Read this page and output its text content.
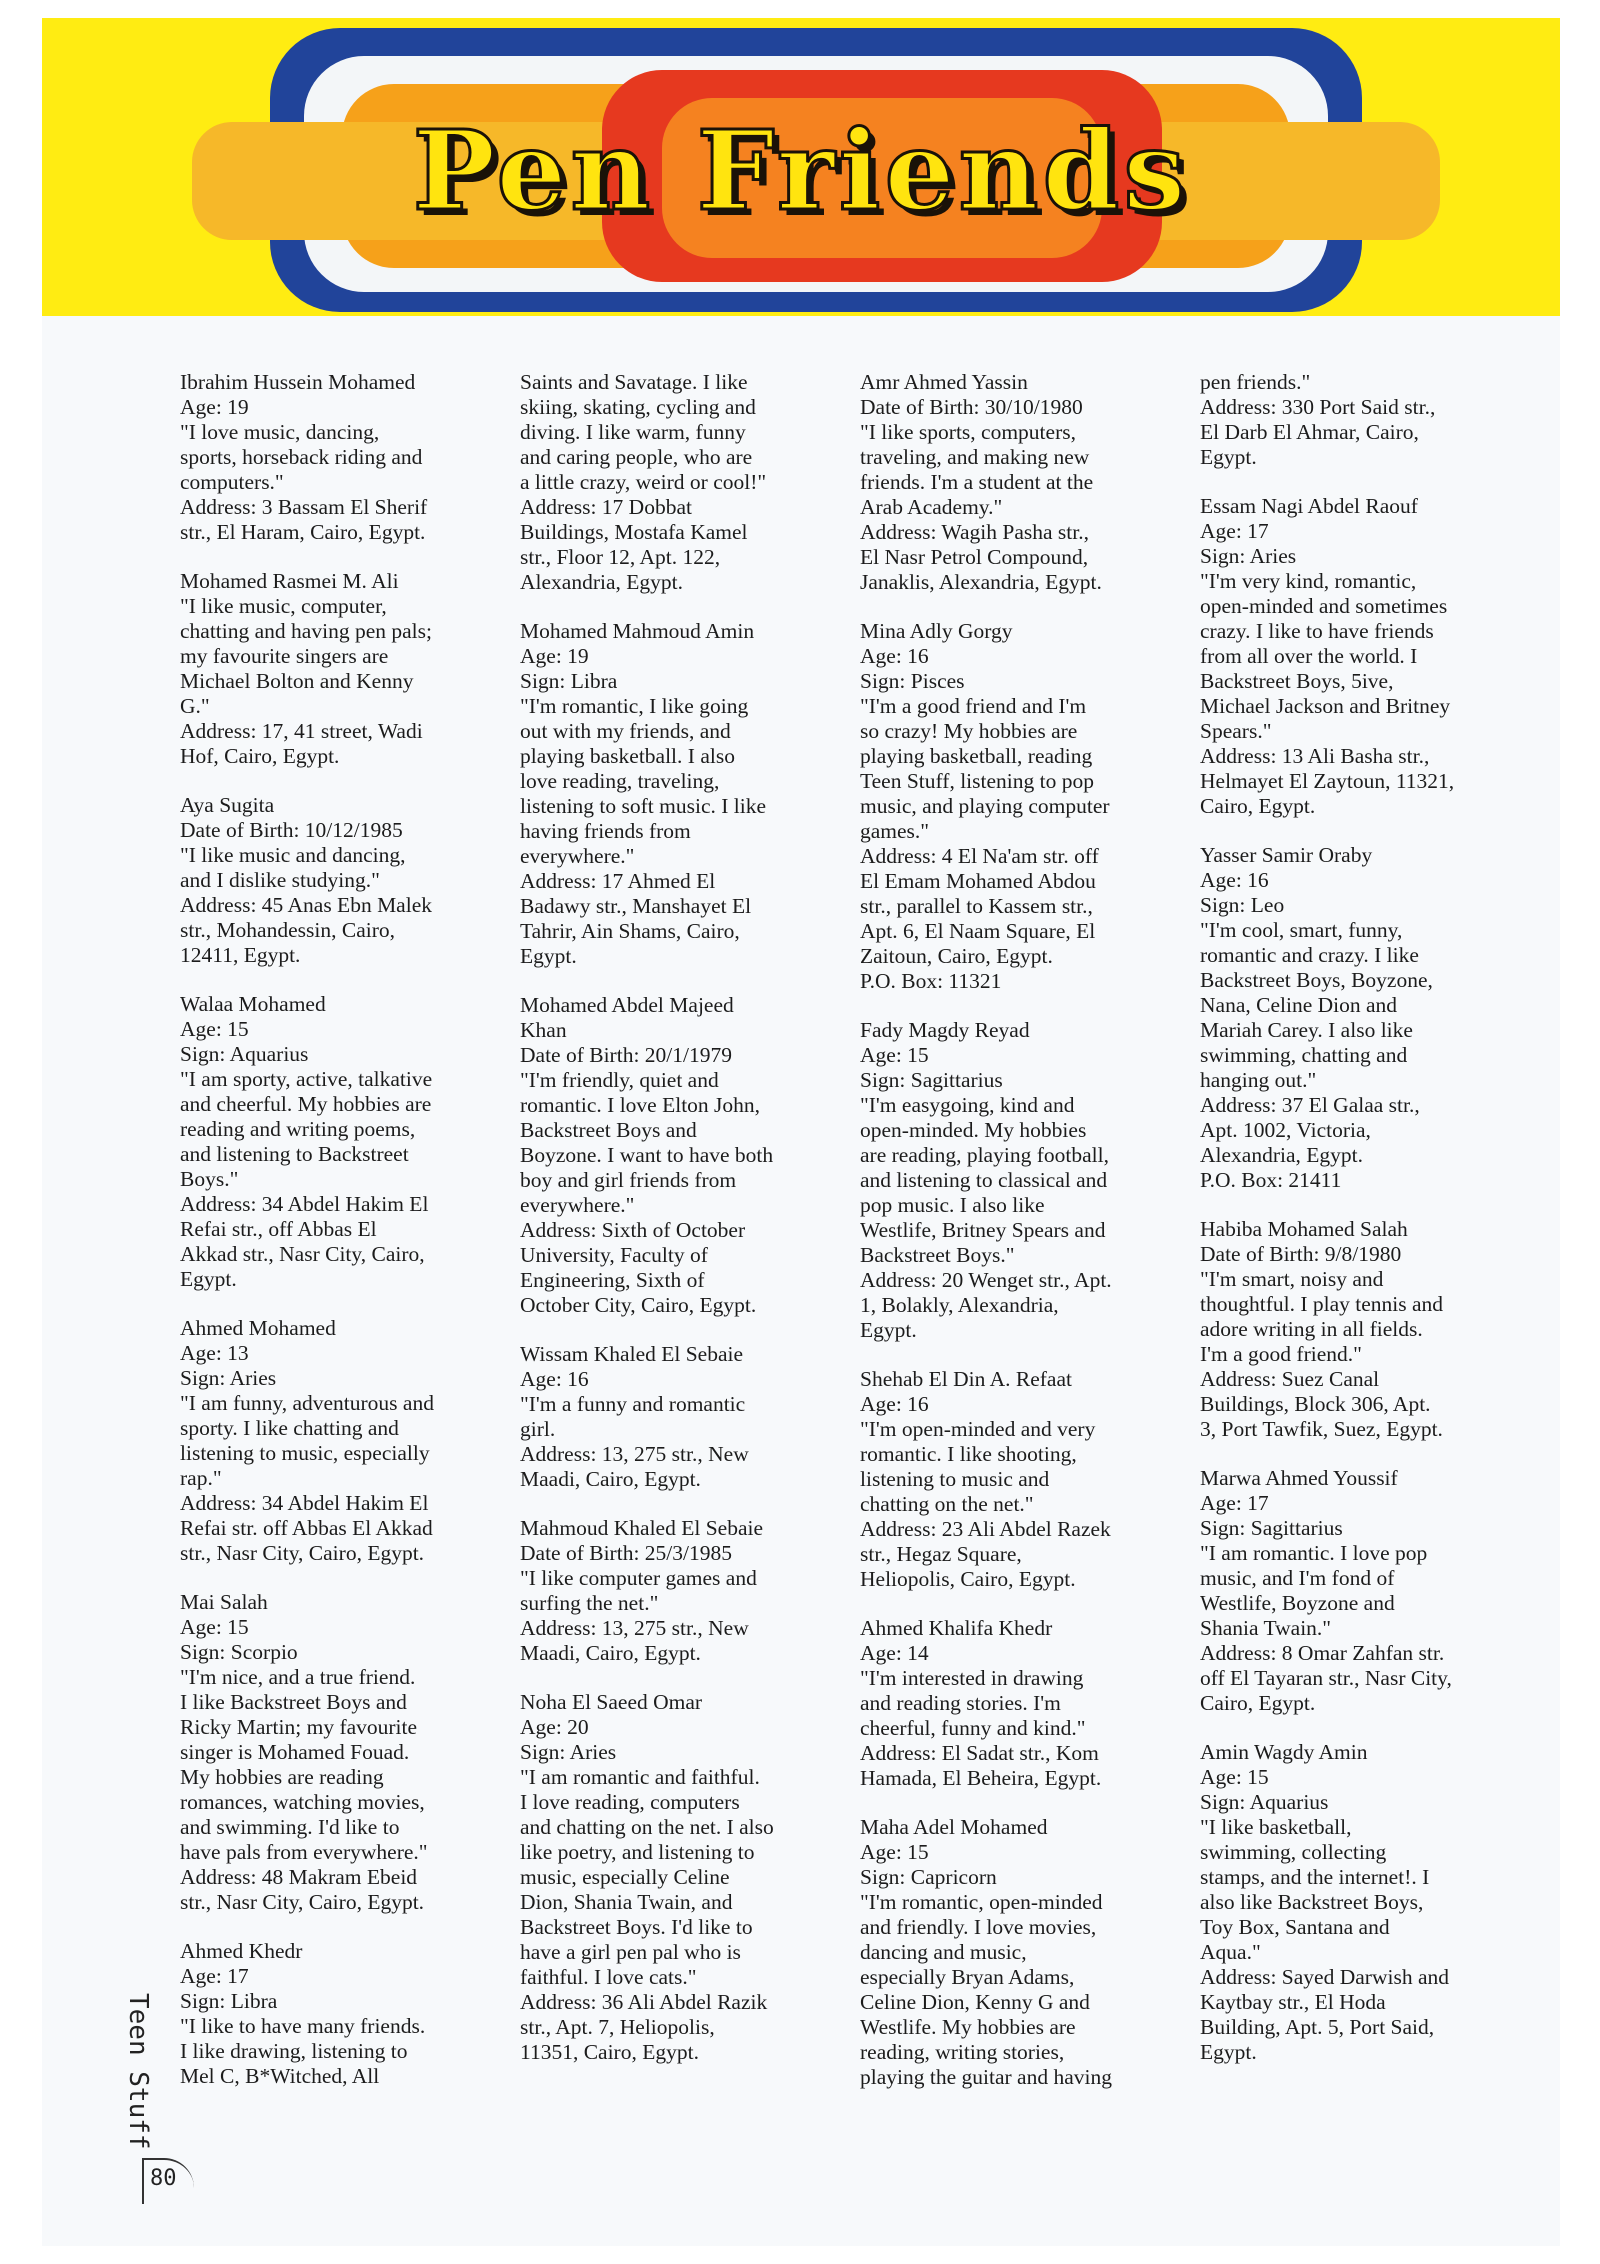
Pen Friends
Ibrahim Hussein Mohamed
Age: 19
"I love music, dancing,
sports, horseback riding and
computers."
Address: 3 Bassam El Sherif
str., El Haram, Cairo, Egypt.
Mohamed Rasmei M. Ali
"I like music, computer,
chatting and having pen pals;
my favourite singers are
Michael Bolton and Kenny
G."
Address: 17, 41 street, Wadi
Hof, Cairo, Egypt.
Aya Sugita
Date of Birth: 10/12/1985
"I like music and dancing,
and I dislike studying."
Address: 45 Anas Ebn Malek
str., Mohandessin, Cairo,
12411, Egypt.
Walaa Mohamed
Age: 15
Sign: Aquarius
"I am sporty, active, talkative
and cheerful. My hobbies are
reading and writing poems,
and listening to Backstreet
Boys."
Address: 34 Abdel Hakim El
Refai str., off Abbas El
Akkad str., Nasr City, Cairo,
Egypt.
Ahmed Mohamed
Age: 13
Sign: Aries
"I am funny, adventurous and
sporty. I like chatting and
listening to music, especially
rap."
Address: 34 Abdel Hakim El
Refai str. off Abbas El Akkad
str., Nasr City, Cairo, Egypt.
Mai Salah
Age: 15
Sign: Scorpio
"I'm nice, and a true friend.
I like Backstreet Boys and
Ricky Martin; my favourite
singer is Mohamed Fouad.
My hobbies are reading
romances, watching movies,
and swimming. I'd like to
have pals from everywhere."
Address: 48 Makram Ebeid
str., Nasr City, Cairo, Egypt.
Ahmed Khedr
Age: 17
Sign: Libra
"I like to have many friends.
I like drawing, listening to
Mel C, B*Witched, All
Saints and Savatage. I like
skiing, skating, cycling and
diving. I like warm, funny
and caring people, who are
a little crazy, weird or cool!"
Address: 17 Dobbat
Buildings, Mostafa Kamel
str., Floor 12, Apt. 122,
Alexandria, Egypt.
Mohamed Mahmoud Amin
Age: 19
Sign: Libra
"I'm romantic, I like going
out with my friends, and
playing basketball. I also
love reading, traveling,
listening to soft music. I like
having friends from
everywhere."
Address: 17 Ahmed El
Badawy str., Manshayet El
Tahrir, Ain Shams, Cairo,
Egypt.
Mohamed Abdel Majeed
Khan
Date of Birth: 20/1/1979
"I'm friendly, quiet and
romantic. I love Elton John,
Backstreet Boys and
Boyzone. I want to have both
boy and girl friends from
everywhere."
Address: Sixth of October
University, Faculty of
Engineering, Sixth of
October City, Cairo, Egypt.
Wissam Khaled El Sebaie
Age: 16
"I'm a funny and romantic
girl.
Address: 13, 275 str., New
Maadi, Cairo, Egypt.
Mahmoud Khaled El Sebaie
Date of Birth: 25/3/1985
"I like computer games and
surfing the net."
Address: 13, 275 str., New
Maadi, Cairo, Egypt.
Noha El Saeed Omar
Age: 20
Sign: Aries
"I am romantic and faithful.
I love reading, computers
and chatting on the net. I also
like poetry, and listening to
music, especially Celine
Dion, Shania Twain, and
Backstreet Boys. I'd like to
have a girl pen pal who is
faithful. I love cats."
Address: 36 Ali Abdel Razik
str., Apt. 7, Heliopolis,
11351, Cairo, Egypt.
Amr Ahmed Yassin
Date of Birth: 30/10/1980
"I like sports, computers,
traveling, and making new
friends. I'm a student at the
Arab Academy."
Address: Wagih Pasha str.,
El Nasr Petrol Compound,
Janaklis, Alexandria, Egypt.
Mina Adly Gorgy
Age: 16
Sign: Pisces
"I'm a good friend and I'm
so crazy! My hobbies are
playing basketball, reading
Teen Stuff, listening to pop
music, and playing computer
games."
Address: 4 El Na'am str. off
El Emam Mohamed Abdou
str., parallel to Kassem str.,
Apt. 6, El Naam Square, El
Zaitoun, Cairo, Egypt.
P.O. Box: 11321
Fady Magdy Reyad
Age: 15
Sign: Sagittarius
"I'm easygoing, kind and
open-minded. My hobbies
are reading, playing football,
and listening to classical and
pop music. I also like
Westlife, Britney Spears and
Backstreet Boys."
Address: 20 Wenget str., Apt.
1, Bolakly, Alexandria,
Egypt.
Shehab El Din A. Refaat
Age: 16
"I'm open-minded and very
romantic. I like shooting,
listening to music and
chatting on the net."
Address: 23 Ali Abdel Razek
str., Hegaz Square,
Heliopolis, Cairo, Egypt.
Ahmed Khalifa Khedr
Age: 14
"I'm interested in drawing
and reading stories. I'm
cheerful, funny and kind."
Address: El Sadat str., Kom
Hamada, El Beheira, Egypt.
Maha Adel Mohamed
Age: 15
Sign: Capricorn
"I'm romantic, open-minded
and friendly. I love movies,
dancing and music,
especially Bryan Adams,
Celine Dion, Kenny G and
Westlife. My hobbies are
reading, writing stories,
playing the guitar and having
pen friends."
Address: 330 Port Said str.,
El Darb El Ahmar, Cairo,
Egypt.
Essam Nagi Abdel Raouf
Age: 17
Sign: Aries
"I'm very kind, romantic,
open-minded and sometimes
crazy. I like to have friends
from all over the world. I
Backstreet Boys, 5ive,
Michael Jackson and Britney
Spears."
Address: 13 Ali Basha str.,
Helmayet El Zaytoun, 11321,
Cairo, Egypt.
Yasser Samir Oraby
Age: 16
Sign: Leo
"I'm cool, smart, funny,
romantic and crazy. I like
Backstreet Boys, Boyzone,
Nana, Celine Dion and
Mariah Carey. I also like
swimming, chatting and
hanging out."
Address: 37 El Galaa str.,
Apt. 1002, Victoria,
Alexandria, Egypt.
P.O. Box: 21411
Habiba Mohamed Salah
Date of Birth: 9/8/1980
"I'm smart, noisy and
thoughtful. I play tennis and
adore writing in all fields.
I'm a good friend."
Address: Suez Canal
Buildings, Block 306, Apt.
3, Port Tawfik, Suez, Egypt.
Marwa Ahmed Youssif
Age: 17
Sign: Sagittarius
"I am romantic. I love pop
music, and I'm fond of
Westlife, Boyzone and
Shania Twain."
Address: 8 Omar Zahfan str.
off El Tayaran str., Nasr City,
Cairo, Egypt.
Amin Wagdy Amin
Age: 15
Sign: Aquarius
"I like basketball,
swimming, collecting
stamps, and the internet!. I
also like Backstreet Boys,
Toy Box, Santana and
Aqua."
Address: Sayed Darwish and
Kaytbay str., El Hoda
Building, Apt. 5, Port Said,
Egypt.
Teen Stuff
80
